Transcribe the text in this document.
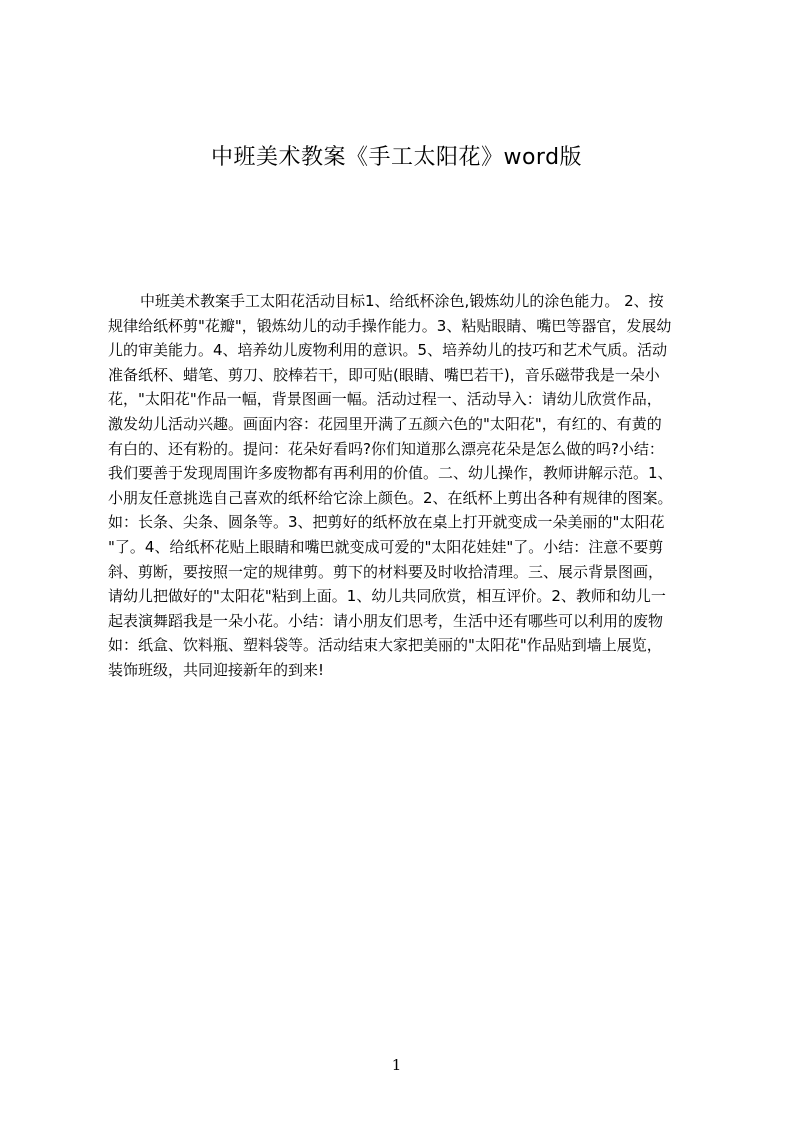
中班美术教案《手工太阳花》word版
中班美术教案手工太阳花活动目标1、给纸杯涂色,锻炼幼儿的涂色能力。 2、按
规律给纸杯剪"花瓣"，锻炼幼儿的动手操作能力。3、粘贴眼睛、嘴巴等器官，发展幼
儿的审美能力。4、培养幼儿废物利用的意识。5、培养幼儿的技巧和艺术气质。活动
准备纸杯、蜡笔、剪刀、胶棒若干，即可贴(眼睛、嘴巴若干)，音乐磁带我是一朵小
花，"太阳花"作品一幅，背景图画一幅。活动过程一、活动导入：请幼儿欣赏作品，
激发幼儿活动兴趣。画面内容：花园里开满了五颜六色的"太阳花"，有红的、有黄的
有白的、还有粉的。提问：花朵好看吗?你们知道那么漂亮花朵是怎么做的吗?小结：
我们要善于发现周围许多废物都有再利用的价值。二、幼儿操作，教师讲解示范。1、
小朋友任意挑选自己喜欢的纸杯给它涂上颜色。2、在纸杯上剪出各种有规律的图案。
如：长条、尖条、圆条等。3、把剪好的纸杯放在桌上打开就变成一朵美丽的"太阳花
"了。4、给纸杯花贴上眼睛和嘴巴就变成可爱的"太阳花娃娃"了。小结：注意不要剪
斜、剪断，要按照一定的规律剪。剪下的材料要及时收拾清理。三、展示背景图画，
请幼儿把做好的"太阳花"粘到上面。1、幼儿共同欣赏，相互评价。2、教师和幼儿一
起表演舞蹈我是一朵小花。小结：请小朋友们思考，生活中还有哪些可以利用的废物
如：纸盒、饮料瓶、塑料袋等。活动结束大家把美丽的"太阳花"作品贴到墙上展览，
装饰班级，共同迎接新年的到来!
1
